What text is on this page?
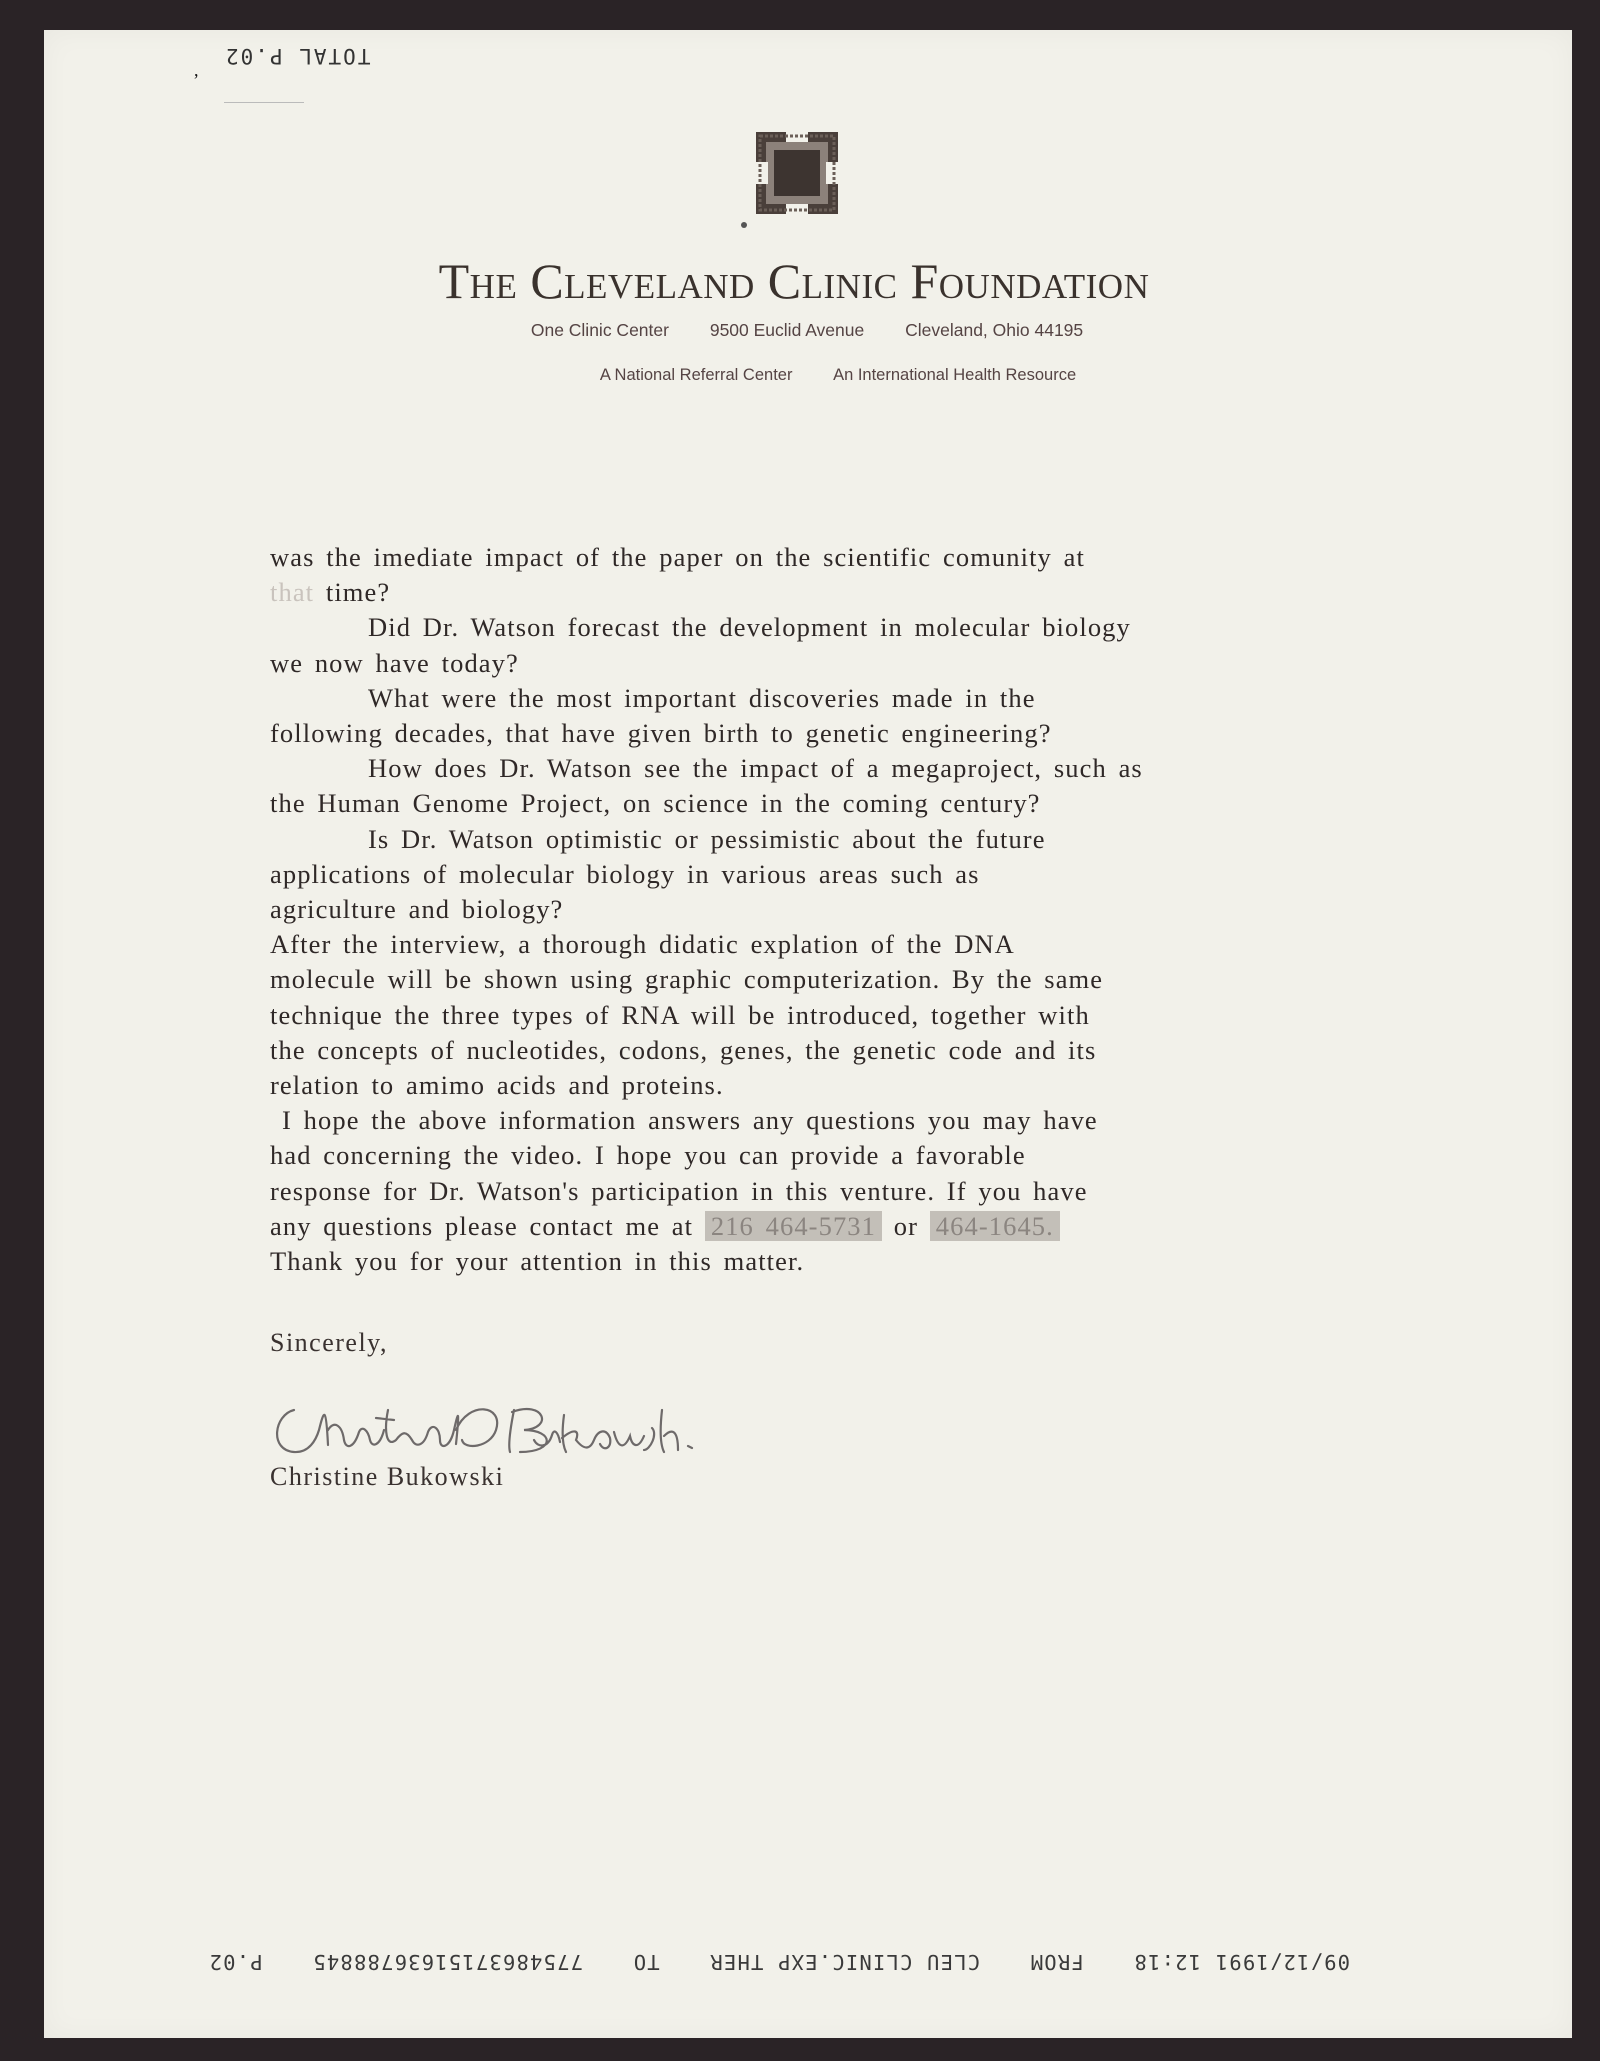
,
TOTAL P.02
The Cleveland Clinic Foundation
One Clinic Center 9500 Euclid Avenue Cleveland, Ohio 44195
A National Referral Center An International Health Resource

was the imediate impact of the paper on the scientific comunity at

that time?

Did Dr. Watson forecast the development in molecular biology

we now have today?

What were the most important discoveries made in the

following decades, that have given birth to genetic engineering?

How does Dr. Watson see the impact of a megaproject, such as

the Human Genome Project, on science in the coming century?

Is Dr. Watson optimistic or pessimistic about the future

applications of molecular biology in various areas such as

agriculture and biology?

After the interview, a thorough didatic explation of the DNA

molecule will be shown using graphic computerization. By the same

technique the three types of RNA will be introduced, together with

the concepts of nucleotides, codons, genes, the genetic code and its

relation to amimo acids and proteins.

I hope the above information answers any questions you may have

had concerning the video. I hope you can provide a favorable

response for Dr. Watson's participation in this venture. If you have

any questions please contact me at 216 464-5731 or 464-1645.

Thank you for your attention in this matter.

Sincerely,
Christine Bukowski
09/12/1991 12:18 FROM CLEU CLINIC.EXP THER TO 77548637151636788845 P.02
